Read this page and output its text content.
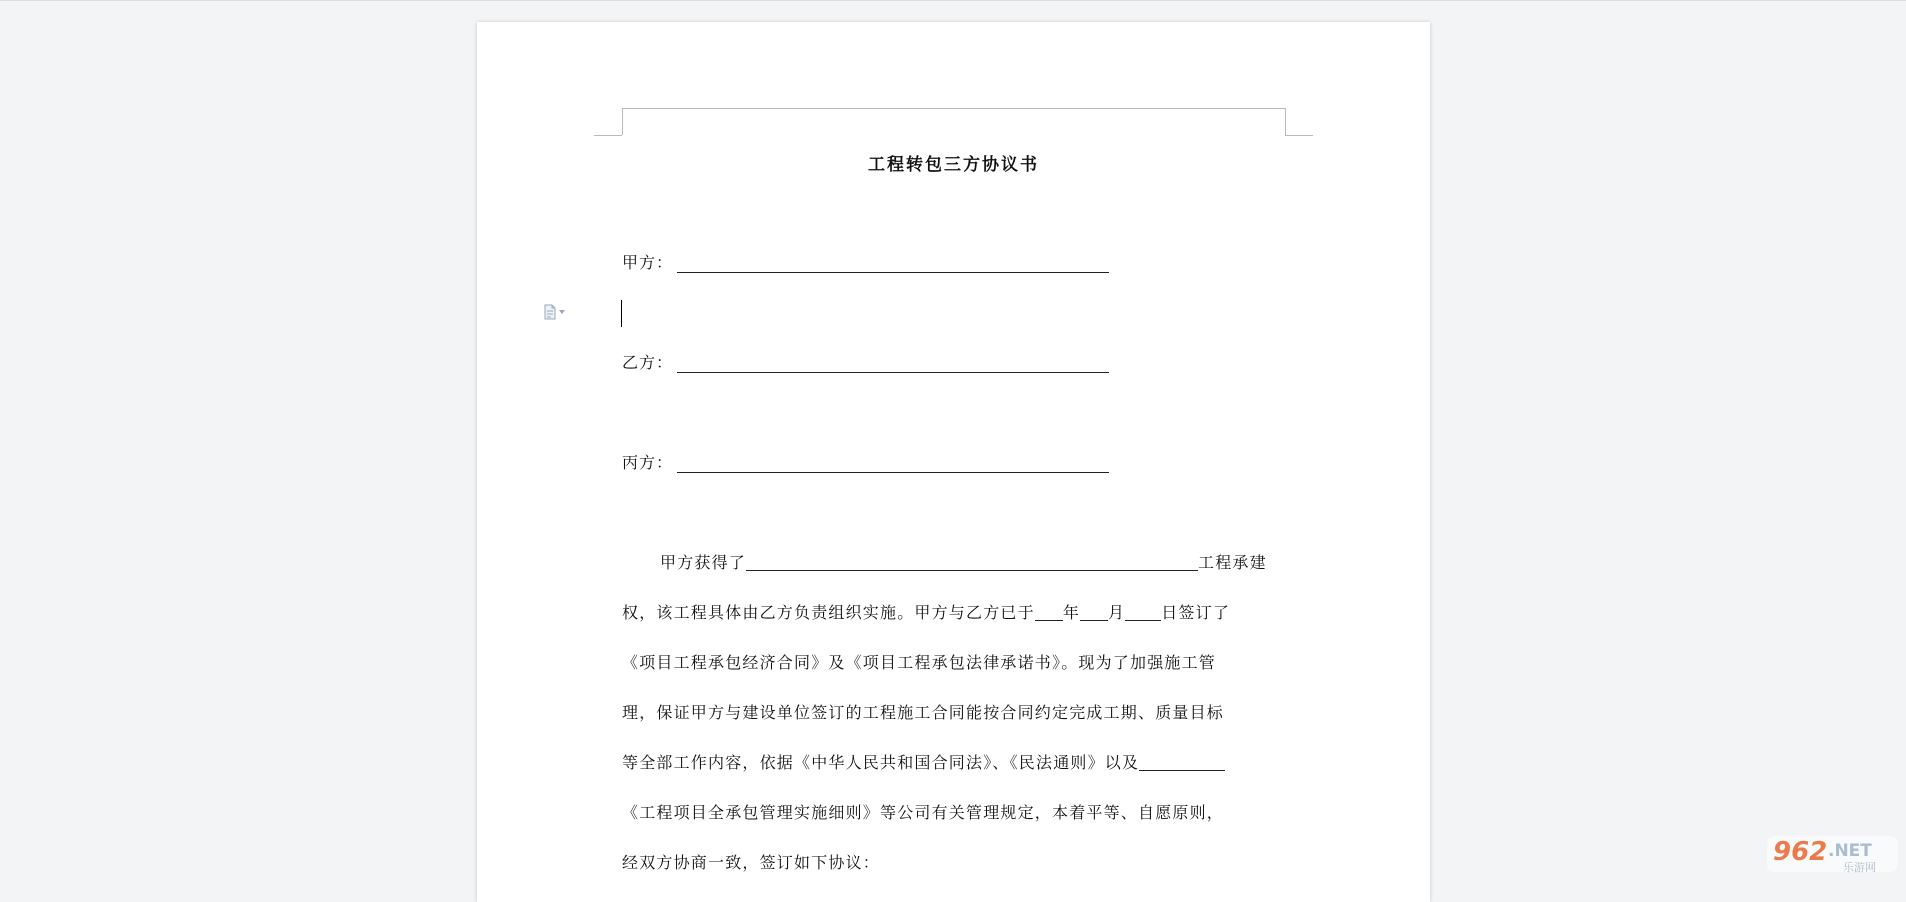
工程转包三方协议书
甲方：
乙方：
丙方：
甲方获得了	工程承建
权，该工程具体由乙方负责组织实施。甲方与乙方已于 年 月 日签订了
《项目工程承包经济合同》及《项目工程承包法律承诺书》。现为了加强施工管
理，保证甲方与建设单位签订的工程施工合同能按合同约定完成工期、质量目标
等全部工作内容，依据《中华人民共和国合同法》、《民法通则》以及
《工程项目全承包管理实施细则》等公司有关管理规定，本着平等、自愿原则，
经双方协商一致，签订如下协议：	962 .NET
乐游网
